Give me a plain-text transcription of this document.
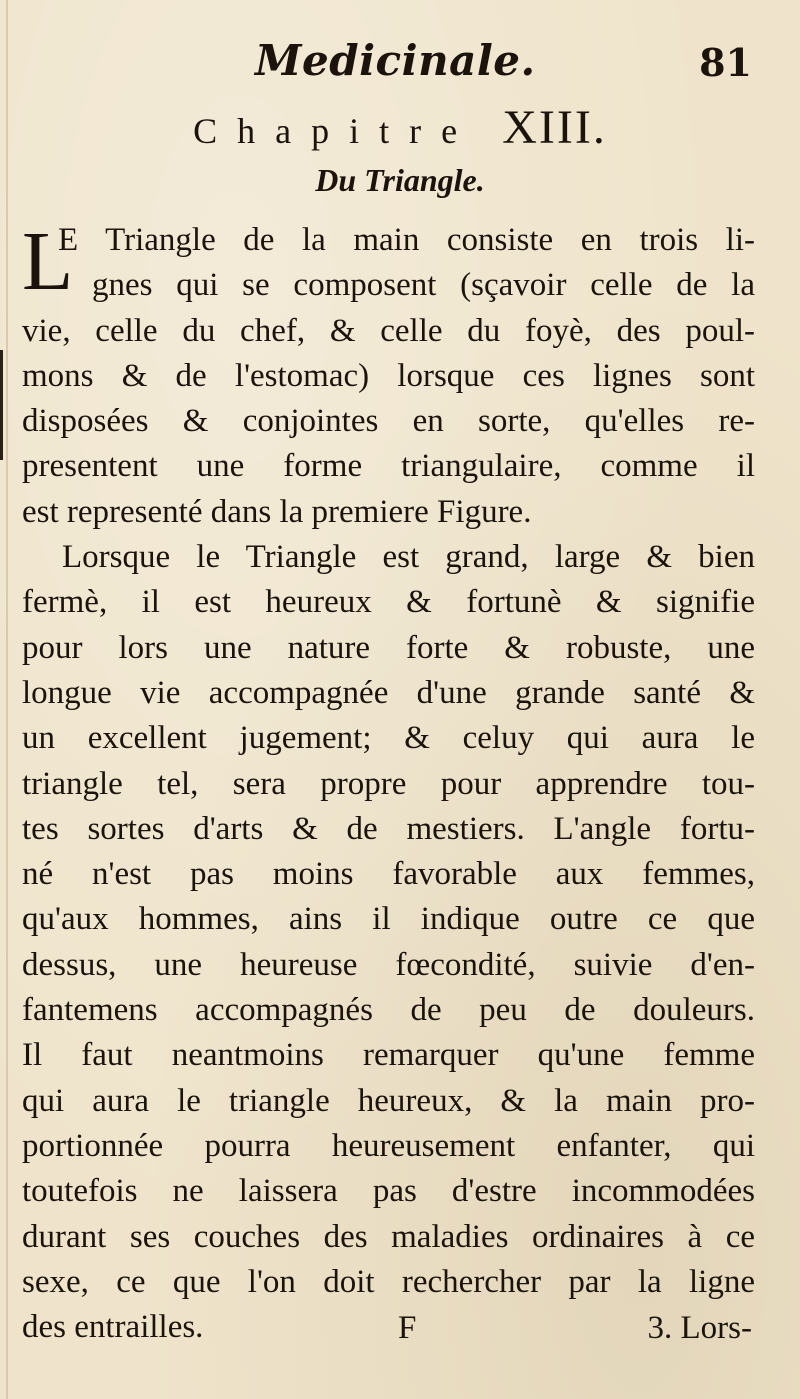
Medicinale.	81
Chapitre XIII.
Du Triangle.
L
E Triangle de la main consiste en trois li-
gnes qui se composent (sçavoir celle de la
vie, celle du chef, & celle du foyè, des poul-
mons & de l'estomac) lorsque ces lignes sont
disposées & conjointes en sorte, qu'elles re-
presentent une forme triangulaire, comme il
est representé dans la premiere Figure.
Lorsque le Triangle est grand, large & bien
fermè, il est heureux & fortunè & signifie
pour lors une nature forte & robuste, une
longue vie accompagnée d'une grande santé &
un excellent jugement; & celuy qui aura le
triangle tel, sera propre pour apprendre tou-
tes sortes d'arts & de mestiers. L'angle fortu-
né n'est pas moins favorable aux femmes,
qu'aux hommes, ains il indique outre ce que
dessus, une heureuse fœcondité, suivie d'en-
fantemens accompagnés de peu de douleurs.
Il faut neantmoins remarquer qu'une femme
qui aura le triangle heureux, & la main pro-
portionnée pourra heureusement enfanter, qui
toutefois ne laissera pas d'estre incommodées
durant ses couches des maladies ordinaires à ce
sexe, ce que l'on doit rechercher par la ligne
des entrailles.	F	3. Lors-
